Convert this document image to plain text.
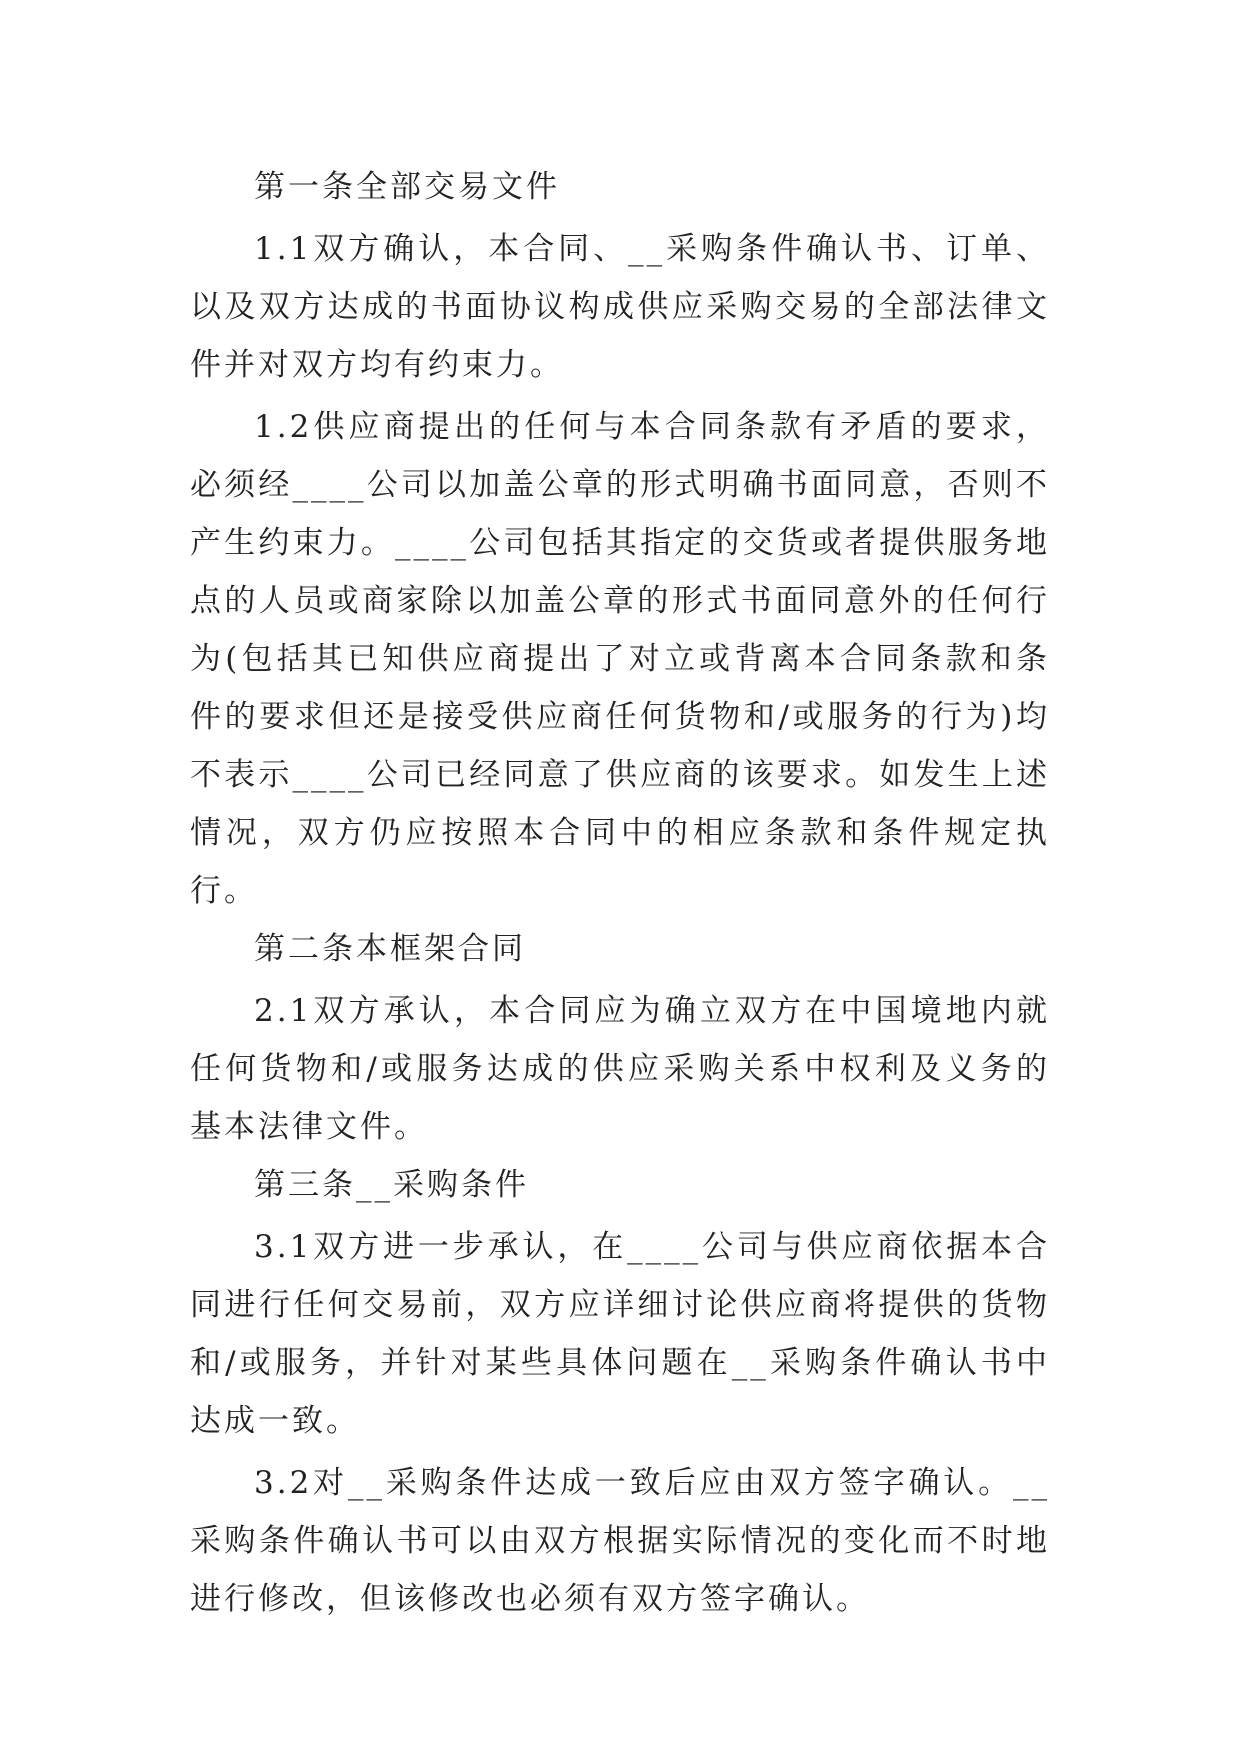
第一条全部交易文件

1.1双方确认，本合同、__采购条件确认书、订单、以及双方达成的书面协议构成供应采购交易的全部法律文件并对双方均有约束力。

1.2供应商提出的任何与本合同条款有矛盾的要求，必须经____公司以加盖公章的形式明确书面同意，否则不产生约束力。____公司包括其指定的交货或者提供服务地点的人员或商家除以加盖公章的形式书面同意外的任何行为(包括其已知供应商提出了对立或背离本合同条款和条件的要求但还是接受供应商任何货物和/或服务的行为)均不表示____公司已经同意了供应商的该要求。如发生上述情况，双方仍应按照本合同中的相应条款和条件规定执行。

第二条本框架合同

2.1双方承认，本合同应为确立双方在中国境地内就任何货物和/或服务达成的供应采购关系中权利及义务的基本法律文件。

第三条__采购条件

3.1双方进一步承认，在____公司与供应商依据本合同进行任何交易前，双方应详细讨论供应商将提供的货物和/或服务，并针对某些具体问题在__采购条件确认书中达成一致。

3.2对__采购条件达成一致后应由双方签字确认。__采购条件确认书可以由双方根据实际情况的变化而不时地进行修改，但该修改也必须有双方签字确认。
